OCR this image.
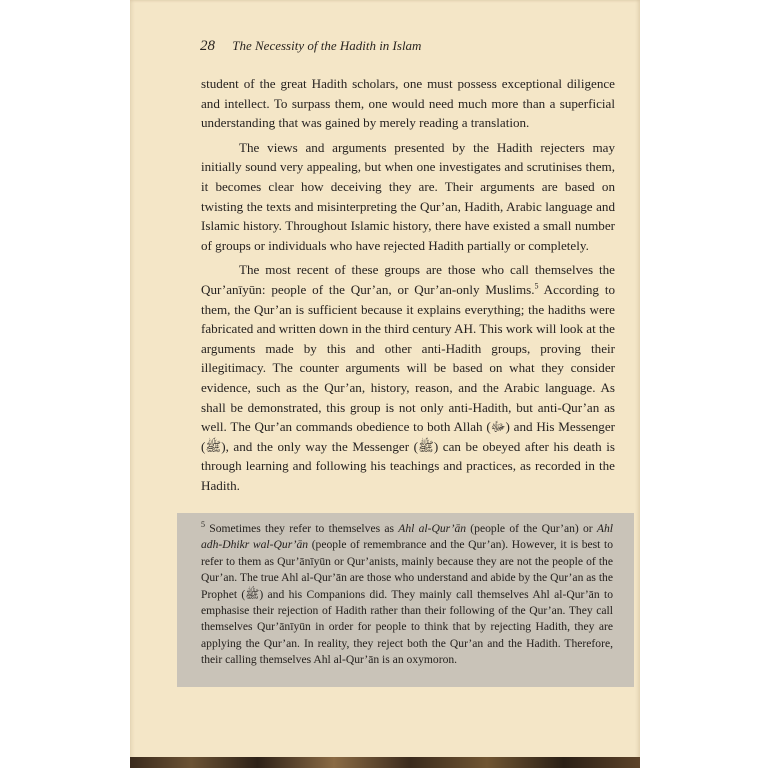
28 The Necessity of the Hadith in Islam

student of the great Hadith scholars, one must possess exceptional diligence and intellect. To surpass them, one would need much more than a superficial understanding that was gained by merely reading a translation.

The views and arguments presented by the Hadith rejecters may initially sound very appealing, but when one investigates and scrutinises them, it becomes clear how deceiving they are. Their arguments are based on twisting the texts and misinterpreting the Qur’an, Hadith, Arabic language and Islamic history. Throughout Islamic history, there have existed a small number of groups or individuals who have rejected Hadith partially or completely.

The most recent of these groups are those who call themselves the Qur’anīyūn: people of the Qur’an, or Qur’an-only Muslims.$^5$ According to them, the Qur’an is sufficient because it explains everything; the hadiths were fabricated and written down in the third century AH. This work will look at the arguments made by this and other anti-Hadith groups, proving their illegitimacy. The counter arguments will be based on what they consider evidence, such as the Qur’an, history, reason, and the Arabic language. As shall be demonstrated, this group is not only anti-Hadith, but anti-Qur’an as well. The Qur’an commands obedience to both Allah (ﷻ) and His Messenger (ﷺ), and the only way the Messenger (ﷺ) can be obeyed after his death is through learning and following his teachings and practices, as recorded in the Hadith.

$^5$ Sometimes they refer to themselves as Ahl al-Qur’ān (people of the Qur’an) or Ahl adh-Dhikr wal-Qur’ān (people of remembrance and the Qur’an). However, it is best to refer to them as Qur’ānīyūn or Qur’anists, mainly because they are not the people of the Qur’an. The true Ahl al-Qur’ān are those who understand and abide by the Qur’an as the Prophet (ﷺ) and his Companions did. They mainly call themselves Ahl al-Qur’ān to emphasise their rejection of Hadith rather than their following of the Qur’an. They call themselves Qur’ānīyūn in order for people to think that by rejecting Hadith, they are applying the Qur’an. In reality, they reject both the Qur’an and the Hadith. Therefore, their calling themselves Ahl al-Qur’ān is an oxymoron.
